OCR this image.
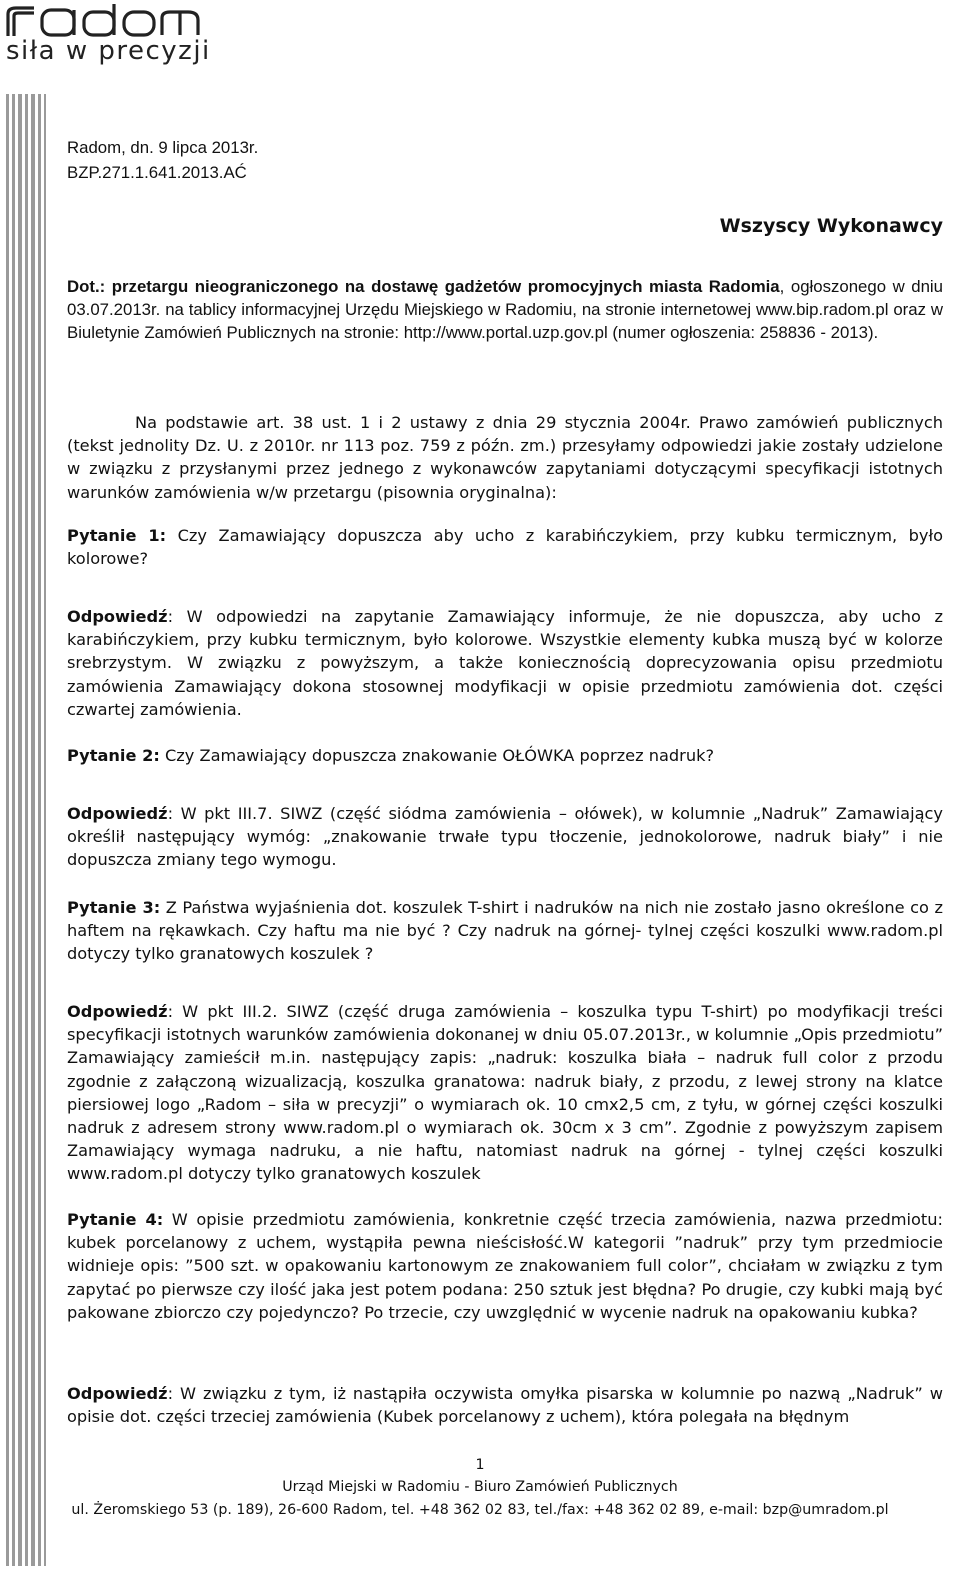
siła w precyzji

Radom, dn. 9 lipca 2013r.

BZP.271.1.641.2013.AĆ

Wszyscy Wykonawcy

Dot.: przetargu nieograniczonego na dostawę gadżetów promocyjnych miasta Radomia, ogłoszonego w dniu 03.07.2013r. na tablicy informacyjnej Urzędu Miejskiego w Radomiu, na stronie internetowej www.bip.radom.pl oraz w Biuletynie Zamówień Publicznych na stronie: http://www.portal.uzp.gov.pl (numer ogłoszenia: 258836 - 2013).

Na podstawie art. 38 ust. 1 i 2 ustawy z dnia 29 stycznia 2004r. Prawo zamówień publicznych (tekst jednolity Dz. U. z 2010r. nr 113 poz. 759 z późn. zm.) przesyłamy odpowiedzi jakie zostały udzielone w związku z przysłanymi przez jednego z wykonawców zapytaniami dotyczącymi specyfikacji istotnych warunków zamówienia w/w przetargu (pisownia oryginalna):

Pytanie 1: Czy Zamawiający dopuszcza aby ucho z karabińczykiem, przy kubku termicznym, było kolorowe?

Odpowiedź: W odpowiedzi na zapytanie Zamawiający informuje, że nie dopuszcza, aby ucho z karabińczykiem, przy kubku termicznym, było kolorowe. Wszystkie elementy kubka muszą być w kolorze srebrzystym. W związku z powyższym, a także koniecznością doprecyzowania opisu przedmiotu zamówienia Zamawiający dokona stosownej modyfikacji w opisie przedmiotu zamówienia dot. części czwartej zamówienia.

Pytanie 2: Czy Zamawiający dopuszcza znakowanie OŁÓWKA poprzez nadruk?

Odpowiedź: W pkt III.7. SIWZ (część siódma zamówienia – ołówek), w kolumnie „Nadruk” Zamawiający określił następujący wymóg: „znakowanie trwałe typu tłoczenie, jednokolorowe, nadruk biały” i nie dopuszcza zmiany tego wymogu.

Pytanie 3: Z Państwa wyjaśnienia dot. koszulek T-shirt i nadruków na nich nie zostało jasno określone co z haftem na rękawkach. Czy haftu ma nie być ? Czy nadruk na górnej- tylnej części koszulki www.radom.pl dotyczy tylko granatowych koszulek ?

Odpowiedź: W pkt III.2. SIWZ (część druga zamówienia – koszulka typu T-shirt) po modyfikacji treści specyfikacji istotnych warunków zamówienia dokonanej w dniu 05.07.2013r., w kolumnie „Opis przedmiotu” Zamawiający zamieścił m.in. następujący zapis: „nadruk: koszulka biała – nadruk full color z przodu zgodnie z załączoną wizualizacją, koszulka granatowa: nadruk biały, z przodu, z lewej strony na klatce piersiowej logo „Radom – siła w precyzji” o wymiarach ok. 10 cmx2,5 cm, z tyłu, w górnej części koszulki nadruk z adresem strony www.radom.pl o wymiarach ok. 30cm x 3 cm”. Zgodnie z powyższym zapisem Zamawiający wymaga nadruku, a nie haftu, natomiast nadruk na górnej - tylnej części koszulki www.radom.pl dotyczy tylko granatowych koszulek

Pytanie 4: W opisie przedmiotu zamówienia, konkretnie część trzecia zamówienia, nazwa przedmiotu: kubek porcelanowy z uchem, wystąpiła pewna nieścisłość.W kategorii ”nadruk” przy tym przedmiocie widnieje opis: ”500 szt. w opakowaniu kartonowym ze znakowaniem full color”, chciałam w związku z tym zapytać po pierwsze czy ilość jaka jest potem podana: 250 sztuk jest błędna? Po drugie, czy kubki mają być pakowane zbiorczo czy pojedynczo? Po trzecie, czy uwzględnić w wycenie nadruk na opakowaniu kubka?

Odpowiedź: W związku z tym, iż nastąpiła oczywista omyłka pisarska w kolumnie po nazwą „Nadruk” w opisie dot. części trzeciej zamówienia (Kubek porcelanowy z uchem), która polegała na błędnym

1
Urząd Miejski w Radomiu - Biuro Zamówień Publicznych
ul. Żeromskiego 53 (p. 189), 26-600 Radom, tel. +48 362 02 83, tel./fax: +48 362 02 89, e-mail: bzp@umradom.pl
